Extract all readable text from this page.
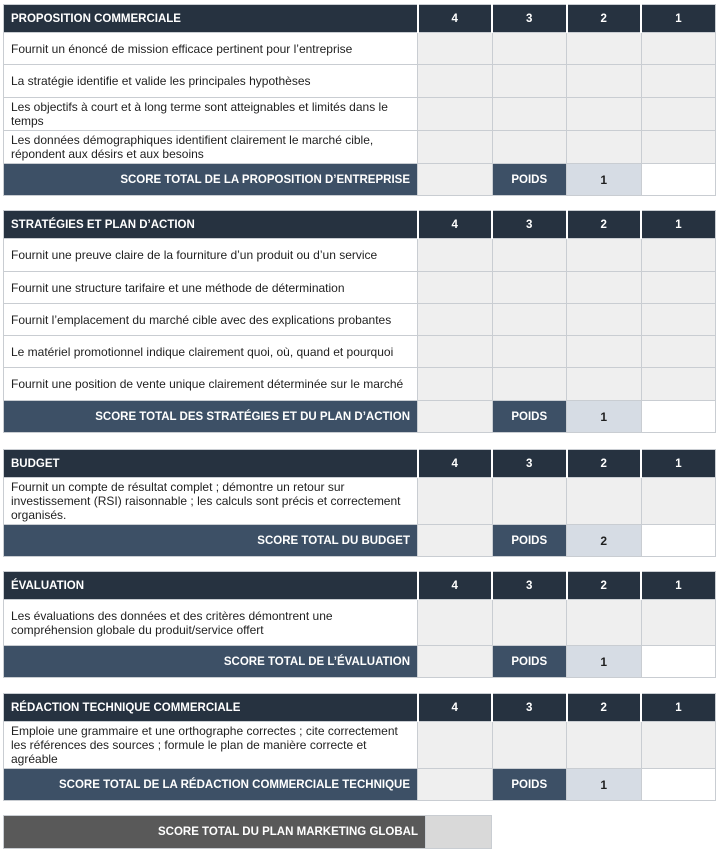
PROPOSITION COMMERCIALE	4	3	2	1
Fournit un énoncé de mission efficace pertinent pour l’entreprise				
La stratégie identifie et valide les principales hypothèses				
Les objectifs à court et à long terme sont atteignables et limités dans le temps				
Les données démographiques identifient clairement le marché cible, répondent aux désirs et aux besoins				
SCORE TOTAL DE LA PROPOSITION D’ENTREPRISE		POIDS	1	
STRATÉGIES ET PLAN D’ACTION	4	3	2	1
Fournit une preuve claire de la fourniture d’un produit ou d’un service				
Fournit une structure tarifaire et une méthode de détermination				
Fournit l’emplacement du marché cible avec des explications probantes				
Le matériel promotionnel indique clairement quoi, où, quand et pourquoi				
Fournit une position de vente unique clairement déterminée sur le marché				
SCORE TOTAL DES STRATÉGIES ET DU PLAN D’ACTION		POIDS	1	
BUDGET	4	3	2	1
Fournit un compte de résultat complet ; démontre un retour sur investissement (RSI) raisonnable ; les calculs sont précis et correctement organisés.				
SCORE TOTAL DU BUDGET		POIDS	2	
ÉVALUATION	4	3	2	1
Les évaluations des données et des critères démontrent une compréhension globale du produit/service offert				
SCORE TOTAL DE L’ÉVALUATION		POIDS	1	
RÉDACTION TECHNIQUE COMMERCIALE	4	3	2	1
Emploie une grammaire et une orthographe correctes ; cite correctement les références des sources ; formule le plan de manière correcte et agréable				
SCORE TOTAL DE LA RÉDACTION COMMERCIALE TECHNIQUE		POIDS	1	
SCORE TOTAL DU PLAN MARKETING GLOBAL	
